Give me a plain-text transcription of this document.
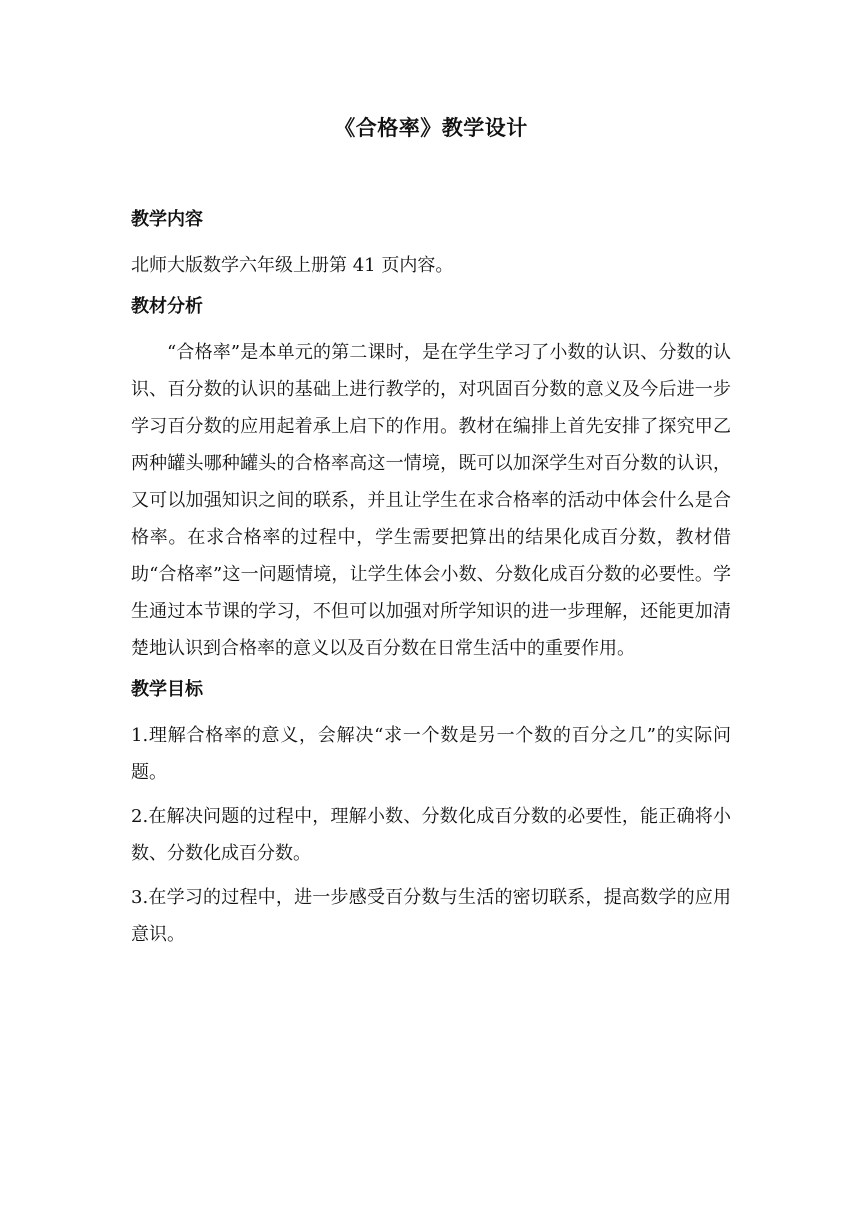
《合格率》教学设计
教学内容
北师大版数学六年级上册第 41 页内容。
教材分析
“合格率”是本单元的第二课时，是在学生学习了小数的认识、分数的认识、百分数的认识的基础上进行教学的，对巩固百分数的意义及今后进一步学习百分数的应用起着承上启下的作用。教材在编排上首先安排了探究甲乙两种罐头哪种罐头的合格率高这一情境，既可以加深学生对百分数的认识，又可以加强知识之间的联系，并且让学生在求合格率的活动中体会什么是合格率。在求合格率的过程中，学生需要把算出的结果化成百分数，教材借助“合格率”这一问题情境，让学生体会小数、分数化成百分数的必要性。学生通过本节课的学习，不但可以加强对所学知识的进一步理解，还能更加清楚地认识到合格率的意义以及百分数在日常生活中的重要作用。
教学目标
1.理解合格率的意义，会解决“求一个数是另一个数的百分之几”的实际问题。
2.在解决问题的过程中，理解小数、分数化成百分数的必要性，能正确将小数、分数化成百分数。
3.在学习的过程中，进一步感受百分数与生活的密切联系，提高数学的应用意识。
